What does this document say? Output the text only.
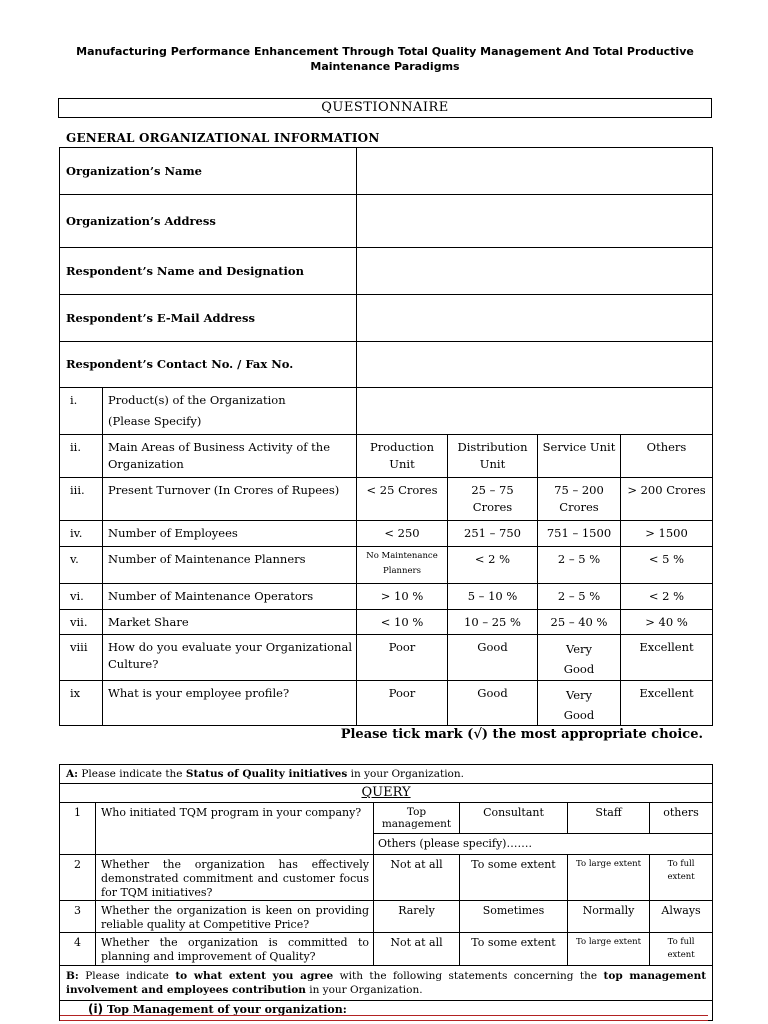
Manufacturing Performance Enhancement Through Total Quality Management And Total Productive Maintenance Paradigms
QUESTIONNAIRE
GENERAL ORGANIZATIONAL INFORMATION
Organization’s Name					
Organization’s Address					
Respondent’s Name and Designation					
Respondent’s E-Mail Address					
Respondent’s Contact No. / Fax No.					
i.	Product(s) of the Organization
(Please Specify)				

ii.	Main Areas of Business Activity of the Organization	Production Unit	Distribution Unit	Service Unit	Others
iii.	Present Turnover (In Crores of Rupees)	< 25 Crores	25 – 75 Crores	75 – 200 Crores	> 200 Crores
iv.	Number of Employees	< 250	251 – 750	751 – 1500	> 1500
v.	Number of Maintenance Planners	No Maintenance Planners	< 2 %	2 – 5 %	< 5 %
vi.	Number of Maintenance Operators	> 10 %	5 – 10 %	2 – 5 %	< 2 %
vii.	Market Share	< 10 %	10 – 25 %	25 – 40 %	> 40 %
viii	How do you evaluate your Organizational Culture?	Poor	Good	Very Good	Excellent
ix	What is your employee profile?	Poor	Good	Very Good	Excellent
Please tick mark (√) the most appropriate choice.
A: Please indicate the Status of Quality initiatives in your Organization.					
QUERY					
1	Who initiated TQM program in your company?	Top management	Consultant	Staff	others
		Others (please specify)…….			
2	Whether the organization has effectively demonstrated commitment and customer focus for TQM initiatives?	Not at all	To some extent	To large extent	To full extent
3	Whether the organization is keen on providing reliable quality at Competitive Price?	Rarely	Sometimes	Normally	Always
4	Whether the organization is committed to planning and improvement of Quality?	Not at all	To some extent	To large extent	To full extent
B: Please indicate to what extent you agree with the following statements concerning the top management involvement and employees contribution in your Organization.					
(i) Top Management of your organization:					
